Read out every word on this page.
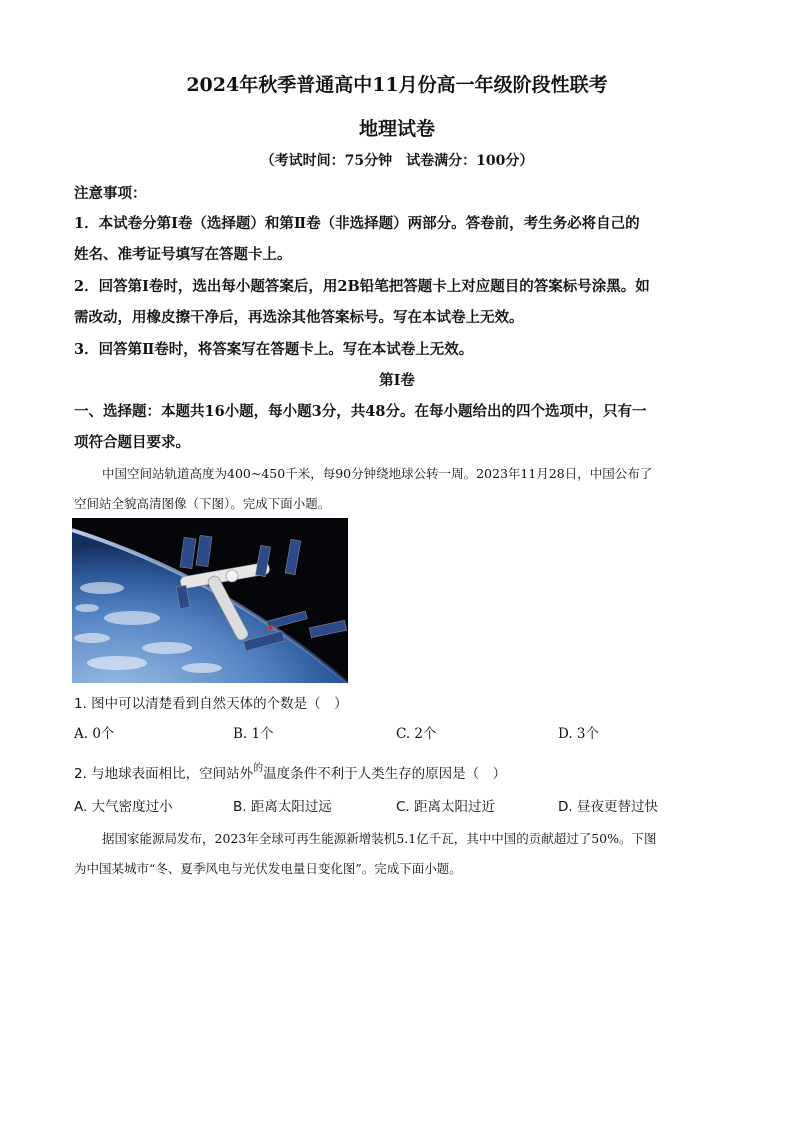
2024年秋季普通高中11月份高一年级阶段性联考
地理试卷
（考试时间：75分钟　试卷满分：100分）
注意事项：
1．本试卷分第Ⅰ卷（选择题）和第Ⅱ卷（非选择题）两部分。答卷前，考生务必将自己的
姓名、准考证号填写在答题卡上。
2．回答第Ⅰ卷时，选出每小题答案后，用2B铅笔把答题卡上对应题目的答案标号涂黑。如
需改动，用橡皮擦干净后，再选涂其他答案标号。写在本试卷上无效。
3．回答第Ⅱ卷时，将答案写在答题卡上。写在本试卷上无效。
第Ⅰ卷
一、选择题：本题共16小题，每小题3分，共48分。在每小题给出的四个选项中，只有一
项符合题目要求。
中国空间站轨道高度为400~450千米，每90分钟绕地球公转一周。2023年11月28日，中国公布了
空间站全貌高清图像（下图）。完成下面小题。
1. 图中可以清楚看到自然天体的个数是（　）
A. 0个	B. 1个	C. 2个	D. 3个
2. 与地球表面相比，空间站外$^的$温度条件不利于人类生存的原因是（　）
A. 大气密度过小	B. 距离太阳过远	C. 距离太阳过近	D. 昼夜更替过快
据国家能源局发布，2023年全球可再生能源新增装机5.1亿千瓦，其中中国的贡献超过了50%。下图
为中国某城市“冬、夏季风电与光伏发电量日变化图”。完成下面小题。
